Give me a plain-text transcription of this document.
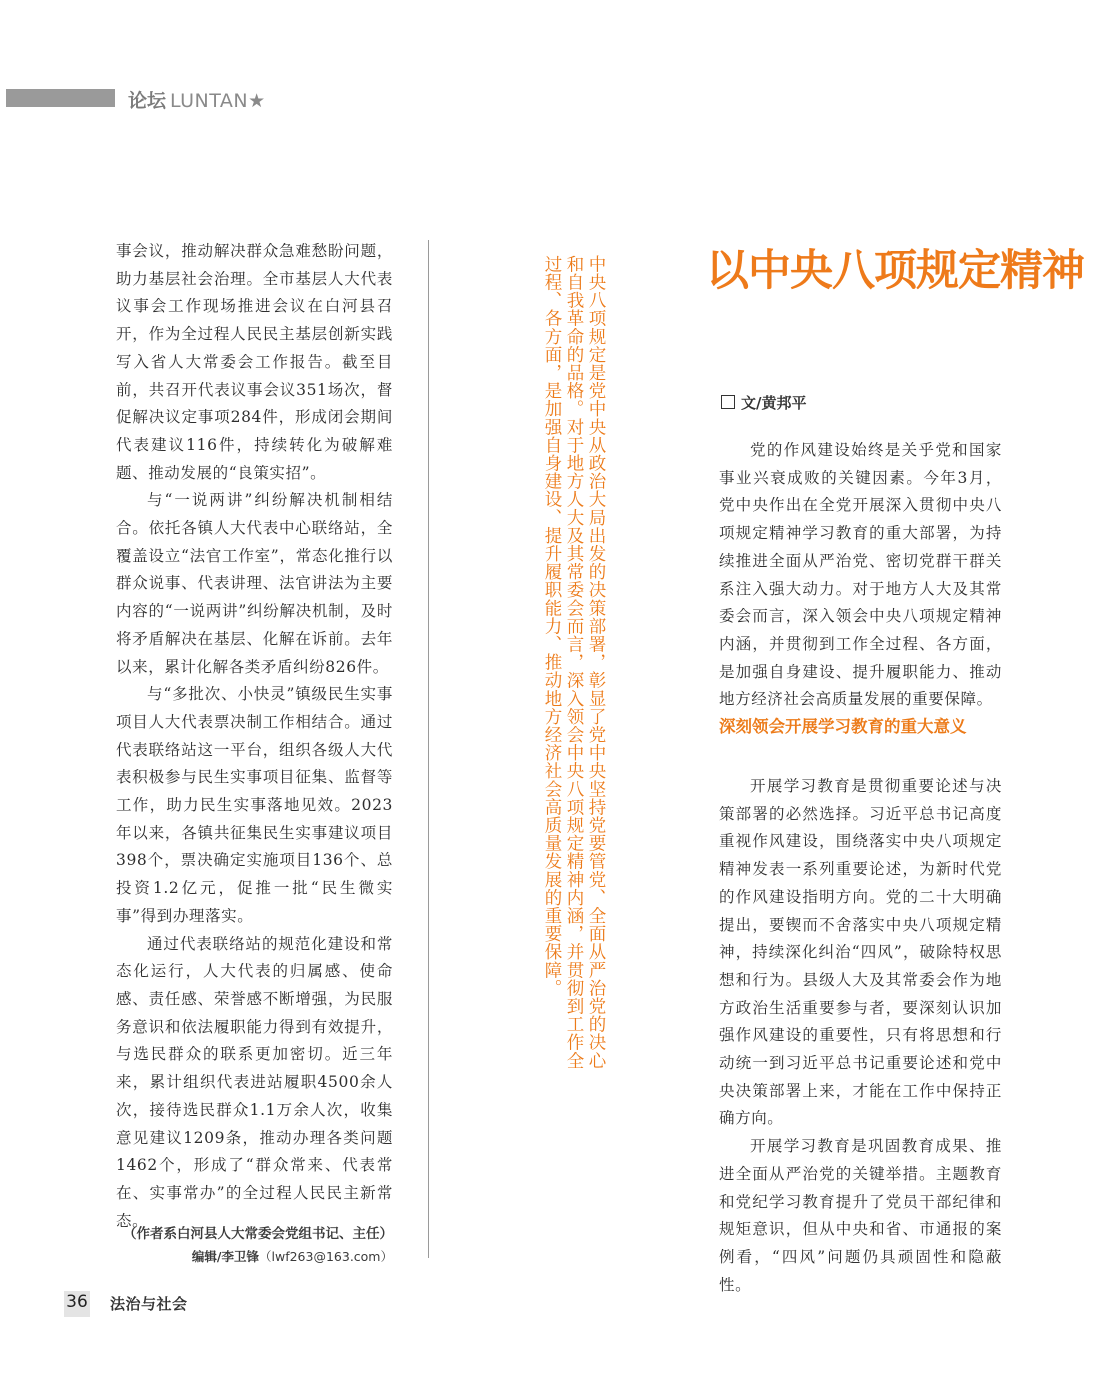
论坛 LUNTAN★

事会议，推动解决群众急难愁盼问题，助力基层社会治理。全市基层人大代表议事会工作现场推进会议在白河县召开，作为全过程人民民主基层创新实践写入省人大常委会工作报告。截至目前，共召开代表议事会议351场次，督促解决议定事项284件，形成闭会期间代表建议116件，持续转化为破解难题、推动发展的“良策实招”。

与“一说两讲”纠纷解决机制相结合。依托各镇人大代表中心联络站，全覆盖设立“法官工作室”，常态化推行以群众说事、代表讲理、法官讲法为主要内容的“一说两讲”纠纷解决机制，及时将矛盾解决在基层、化解在诉前。去年以来，累计化解各类矛盾纠纷826件。

与“多批次、小快灵”镇级民生实事项目人大代表票决制工作相结合。通过代表联络站这一平台，组织各级人大代表积极参与民生实事项目征集、监督等工作，助力民生实事落地见效。2023年以来，各镇共征集民生实事建议项目398个，票决确定实施项目136个、总投资1.2亿元，促推一批“民生微实事”得到办理落实。

通过代表联络站的规范化建设和常态化运行，人大代表的归属感、使命感、责任感、荣誉感不断增强，为民服务意识和依法履职能力得到有效提升，与选民群众的联系更加密切。近三年来，累计组织代表进站履职4500余人次，接待选民群众1.1万余人次，收集意见建议1209条，推动办理各类问题1462个，形成了“群众常来、代表常在、实事常办”的全过程人民民主新常态。

（作者系白河县人大常委会党组书记、主任）
编辑/李卫锋（lwf263@163.com）
中央八项规定是党中央从政治大局出发的决策部署，彰显了党中央坚持党要管党、全面从严治党的决心和自我革命的品格。对于地方人大及其常委会而言，深入领会中央八项规定精神内涵，并贯彻到工作全过程、各方面，是加强自身建设、提升履职能力、推动地方经济社会高质量发展的重要保障。	以中央八项规定精神
文/黄邦平

党的作风建设始终是关乎党和国家事业兴衰成败的关键因素。今年3月，党中央作出在全党开展深入贯彻中央八项规定精神学习教育的重大部署，为持续推进全面从严治党、密切党群干群关系注入强大动力。对于地方人大及其常委会而言，深入领会中央八项规定精神内涵，并贯彻到工作全过程、各方面，是加强自身建设、提升履职能力、推动地方经济社会高质量发展的重要保障。

深刻领会开展学习教育的重大意义

开展学习教育是贯彻重要论述与决策部署的必然选择。习近平总书记高度重视作风建设，围绕落实中央八项规定精神发表一系列重要论述，为新时代党的作风建设指明方向。党的二十大明确提出，要锲而不舍落实中央八项规定精神，持续深化纠治“四风”，破除特权思想和行为。县级人大及其常委会作为地方政治生活重要参与者，要深刻认识加强作风建设的重要性，只有将思想和行动统一到习近平总书记重要论述和党中央决策部署上来，才能在工作中保持正确方向。

开展学习教育是巩固教育成果、推进全面从严治党的关键举措。主题教育和党纪学习教育提升了党员干部纪律和规矩意识，但从中央和省、市通报的案例看，“四风”问题仍具顽固性和隐蔽性。

36 法治与社会
